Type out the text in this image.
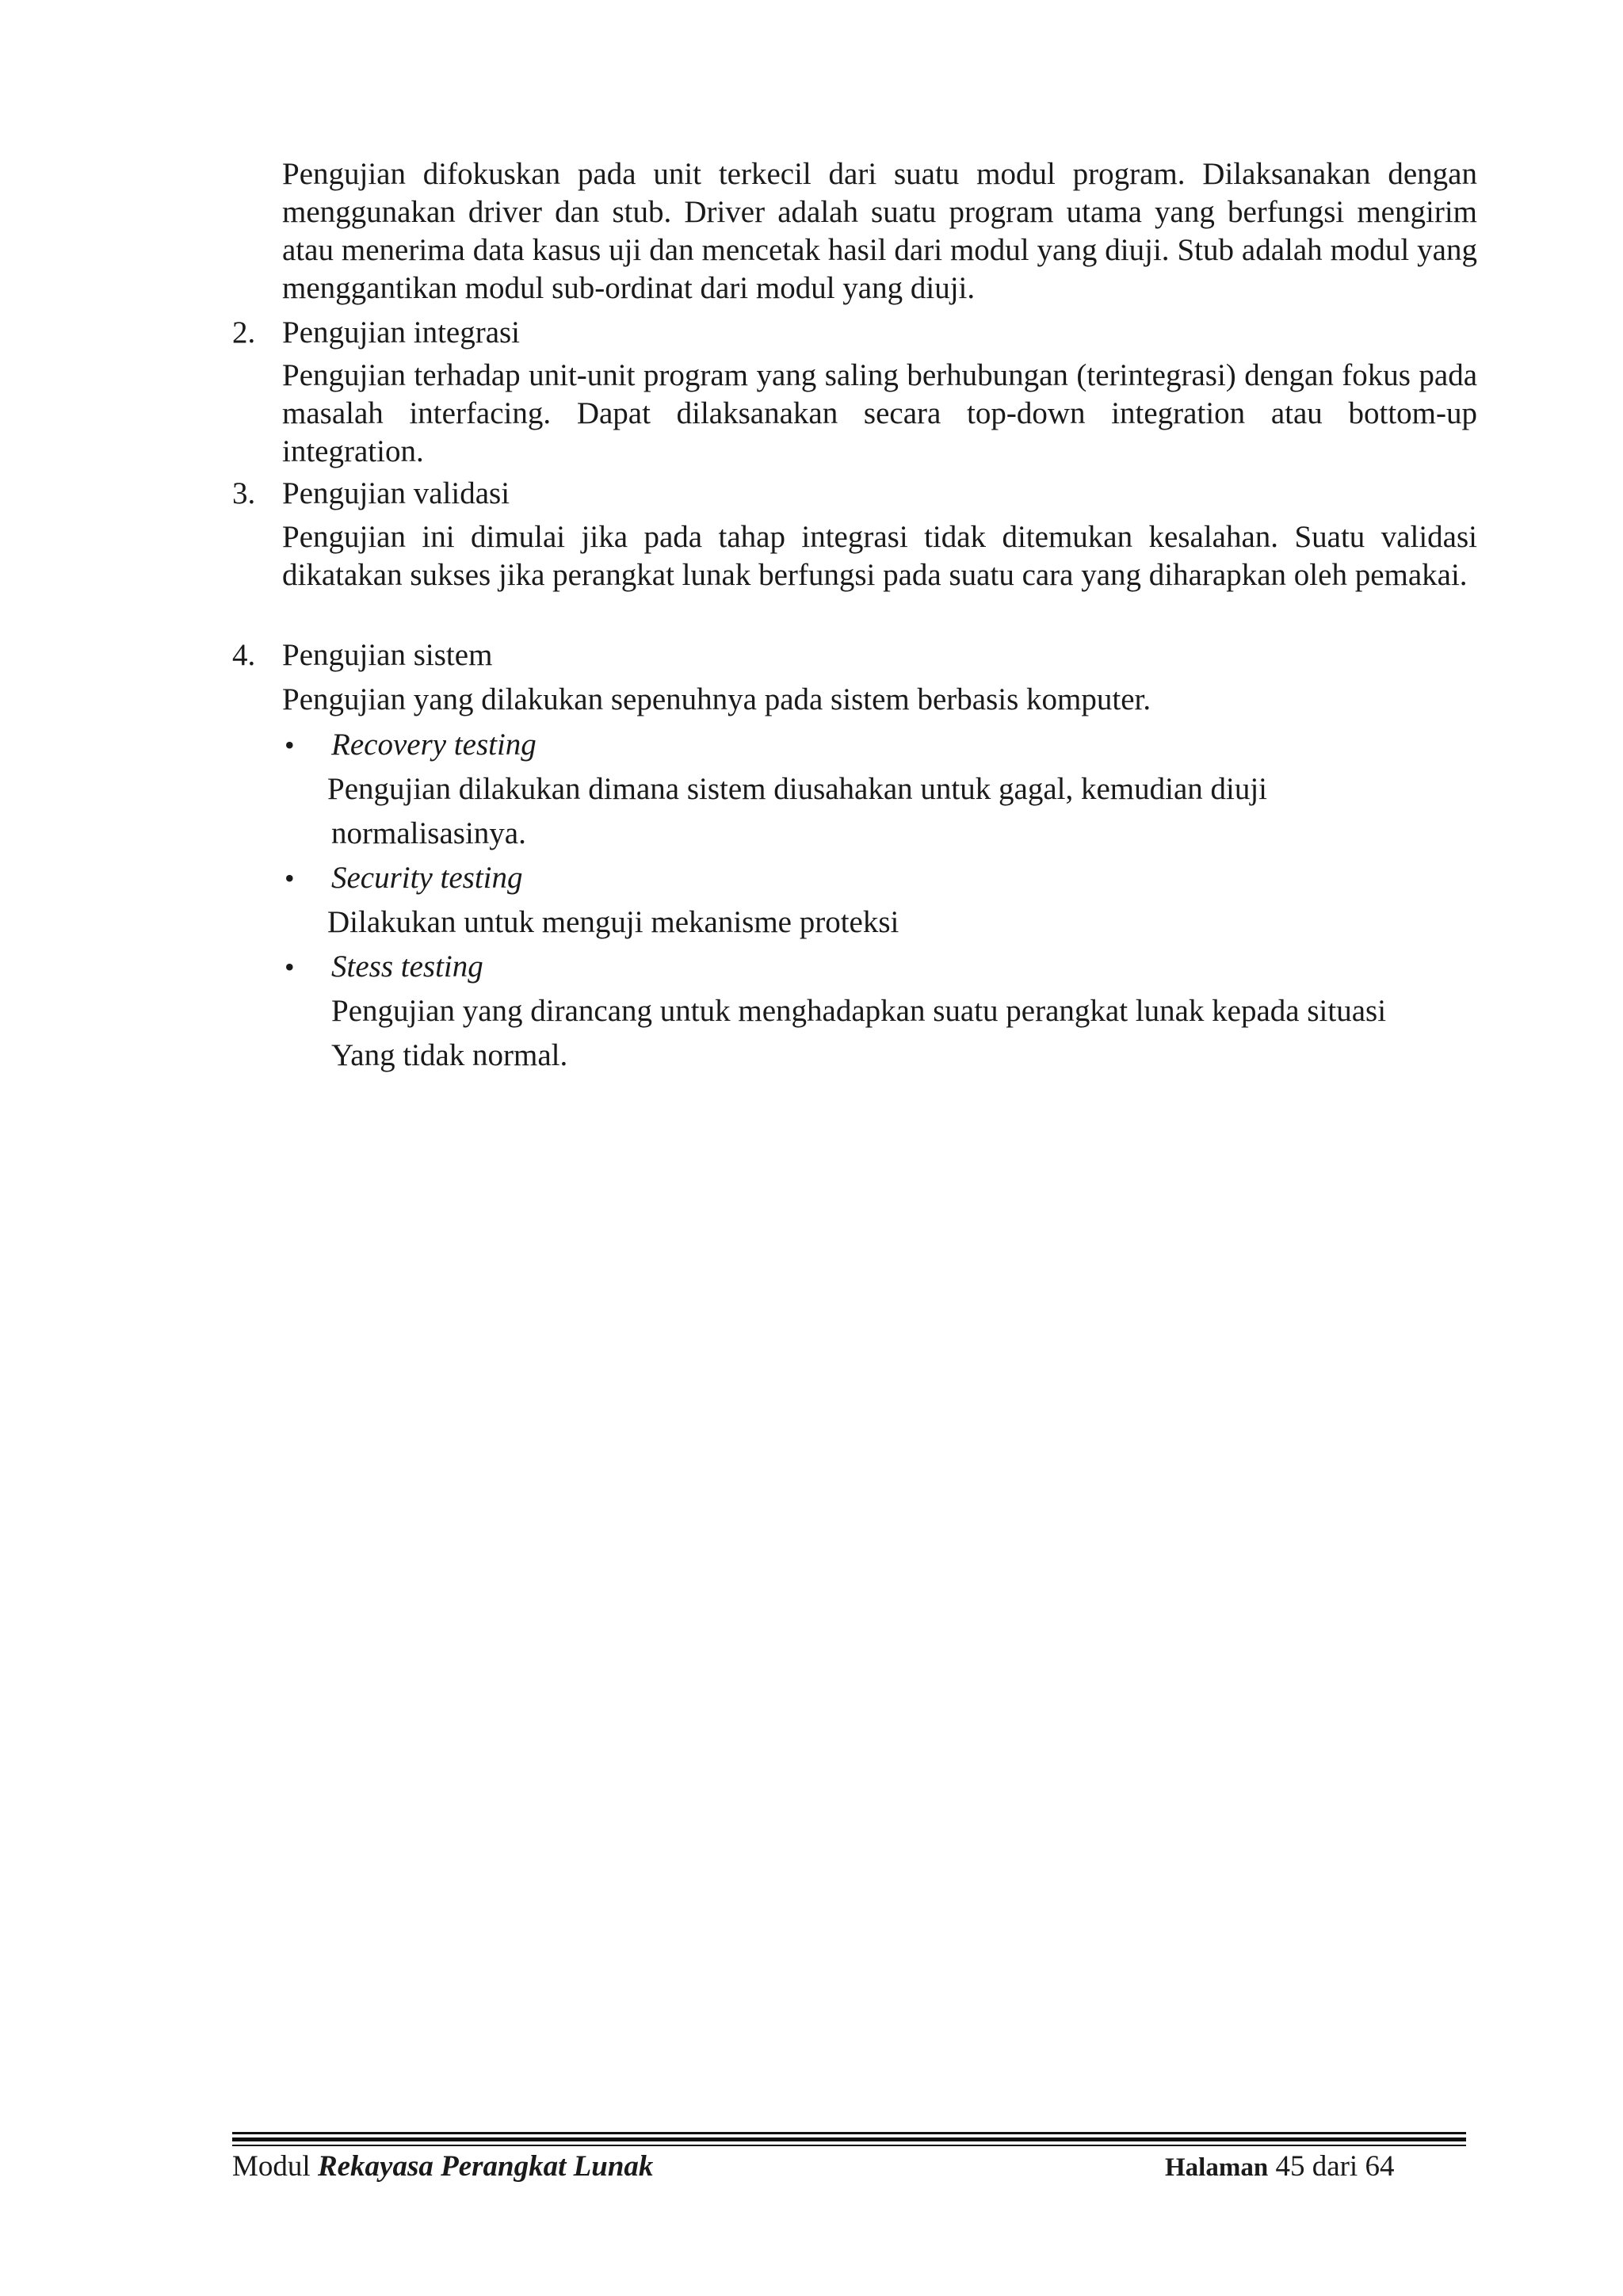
Pengujian difokuskan pada unit terkecil dari suatu modul program. Dilaksanakan dengan menggunakan driver dan stub. Driver adalah suatu program utama yang berfungsi mengirim atau menerima data kasus uji dan mencetak hasil dari modul yang diuji. Stub adalah modul yang menggantikan modul sub-ordinat dari modul yang diuji.

2. Pengujian integrasi

Pengujian terhadap unit-unit program yang saling berhubungan (terintegrasi) dengan fokus pada masalah interfacing. Dapat dilaksanakan secara top-down integration atau bottom-up integration.

3. Pengujian validasi

Pengujian ini dimulai jika pada tahap integrasi tidak ditemukan kesalahan. Suatu validasi dikatakan sukses jika perangkat lunak berfungsi pada suatu cara yang diharapkan oleh pemakai.

4. Pengujian sistem
Pengujian yang dilakukan sepenuhnya pada sistem berbasis komputer.
• Recovery testing
Pengujian dilakukan dimana sistem diusahakan untuk gagal, kemudian diuji
normalisasinya.
• Security testing
Dilakukan untuk menguji mekanisme proteksi
• Stess testing
Pengujian yang dirancang untuk menghadapkan suatu perangkat lunak kepada situasi
Yang tidak normal.
Modul Rekayasa Perangkat Lunak	Halaman 45 dari 64
